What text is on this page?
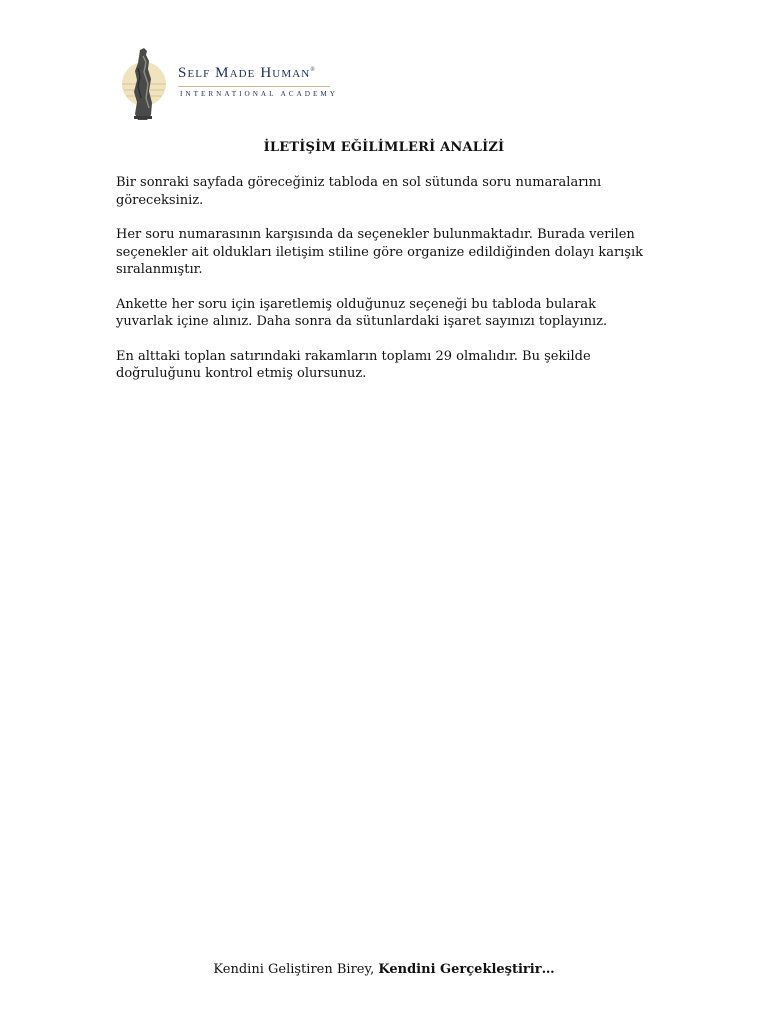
Self Made Human®
INTERNATIONAL ACADEMY
İLETİŞİM EĞİLİMLERİ ANALİZİ

Bir sonraki sayfada göreceğiniz tabloda en sol sütunda soru numaralarını göreceksiniz.

Her soru numarasının karşısında da seçenekler bulunmaktadır. Burada verilen seçenekler ait oldukları iletişim stiline göre organize edildiğinden dolayı karışık sıralanmıştır.

Ankette her soru için işaretlemiş olduğunuz seçeneği bu tabloda bularak yuvarlak içine alınız. Daha sonra da sütunlardaki işaret sayınızı toplayınız.

En alttaki toplan satırındaki rakamların toplamı 29 olmalıdır. Bu şekilde doğruluğunu kontrol etmiş olursunuz.

Kendini Geliştiren Birey, Kendini Gerçekleştirir…
